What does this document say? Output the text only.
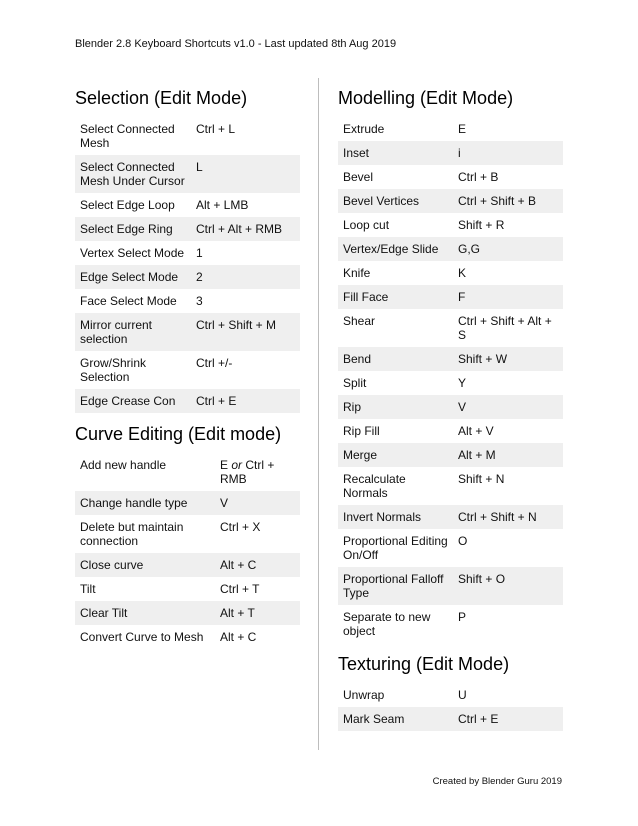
Blender 2.8 Keyboard Shortcuts v1.0 - Last updated 8th Aug 2019
Selection (Edit Mode)
Select Connected Mesh	Ctrl + L
Select Connected Mesh Under Cursor	L
Select Edge Loop	Alt + LMB
Select Edge Ring	Ctrl + Alt + RMB
Vertex Select Mode	1
Edge Select Mode	2
Face Select Mode	3
Mirror current selection	Ctrl + Shift + M
Grow/Shrink Selection	Ctrl +/-
Edge Crease Con	Ctrl + E
Curve Editing (Edit mode)
Add new handle	E or Ctrl + RMB
Change handle type	V
Delete but maintain connection	Ctrl + X
Close curve	Alt + C
Tilt	Ctrl + T
Clear Tilt	Alt + T
Convert Curve to Mesh	Alt + C
Modelling (Edit Mode)
Extrude	E
Inset	i
Bevel	Ctrl + B
Bevel Vertices	Ctrl + Shift + B
Loop cut	Shift + R
Vertex/Edge Slide	G,G
Knife	K
Fill Face	F
Shear	Ctrl + Shift + Alt + S
Bend	Shift + W
Split	Y
Rip	V
Rip Fill	Alt + V
Merge	Alt + M
Recalculate Normals	Shift + N
Invert Normals	Ctrl + Shift + N
Proportional Editing On/Off	O
Proportional Falloff Type	Shift + O
Separate to new object	P
Texturing (Edit Mode)
Unwrap	U
Mark Seam	Ctrl + E
Created by Blender Guru 2019
